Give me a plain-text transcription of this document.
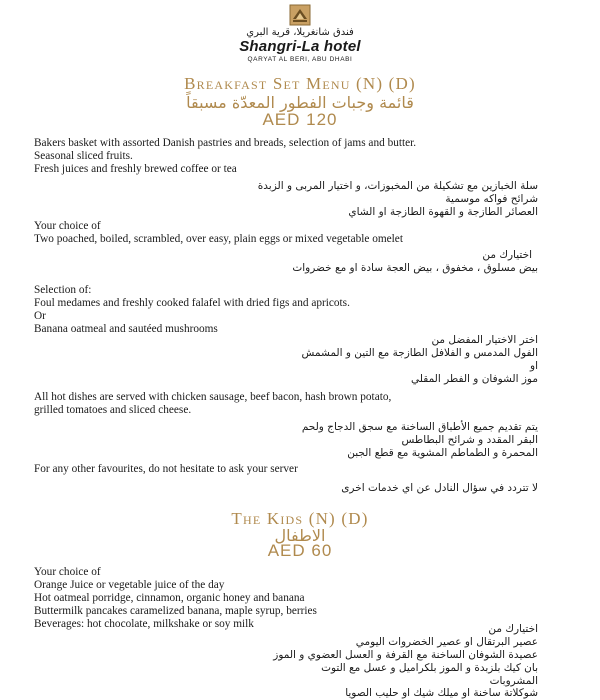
فندق شانغريلا، قرية البري
Shangri-La hotel
QARYAT AL BERI, ABU DHABI
Breakfast Set Menu (N) (D)
قائمة وجبات الفطور المعدّة مسبقاً
AED 120
Bakers basket with assorted Danish pastries and breads, selection of jams and butter.
Seasonal sliced fruits.
Fresh juices and freshly brewed coffee or tea
سلة الخبازين مع تشكيلة من المخبوزات، و اختيار المربى و الزبدة
شرائح فواكه موسمية
العصائر الطازجة و القهوة الطازجة او الشاي
Your choice of
Two poached, boiled, scrambled, over easy, plain eggs or mixed vegetable omelet
اختيارك من
بيض مسلوق ، مخفوق ، بيض العجة سادة او مع خضروات
Selection of:
Foul medames and freshly cooked falafel with dried figs and apricots.
Or
Banana oatmeal and sautéed mushrooms
اختر الاختيار المفضل من
الفول المدمس و الفلافل الطازجة مع التين و المشمش
او
موز الشوفان و الفطر المقلي
All hot dishes are served with chicken sausage, beef bacon, hash brown potato,
grilled tomatoes and sliced cheese.
يتم تقديم جميع الأطباق الساخنة مع سجق الدجاج ولحم
البقر المقدد و شرائح البطاطس
المحمرة و الطماطم المشوية مع قطع الجبن
For any other favourites, do not hesitate to ask your server
لا تتردد في سؤال النادل عن اي خدمات اخرى
The Kids (N) (D)
الاطفال
AED 60
Your choice of
Orange Juice or vegetable juice of the day
Hot oatmeal porridge, cinnamon, organic honey and banana
Buttermilk pancakes caramelized banana, maple syrup, berries
Beverages: hot chocolate, milkshake or soy milk	اختيارك من
عصير البرتقال او عصير الخضروات اليومي
عصيدة الشوفان الساخنة مع القرفة و العسل العضوي و الموز
بان كيك بلزبدة و الموز بلكراميل و عسل مع التوت
المشروبات
شوكلاتة ساخنة او ميلك شيك او حليب الصويا
